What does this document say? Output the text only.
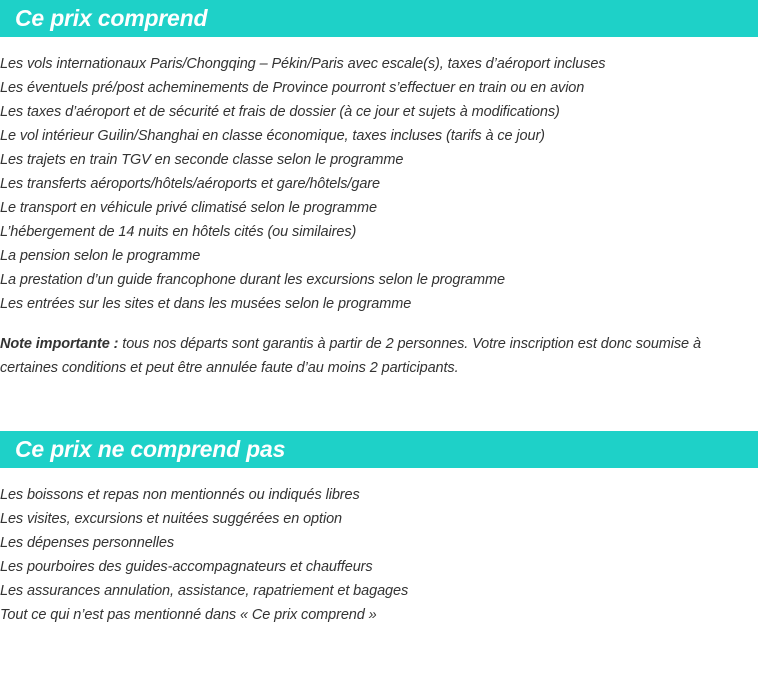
Ce prix comprend
Les vols internationaux Paris/Chongqing – Pékin/Paris avec escale(s), taxes d’aéroport incluses
Les éventuels pré/post acheminements de Province pourront s’effectuer en train ou en avion
Les taxes d’aéroport et de sécurité et frais de dossier (à ce jour et sujets à modifications)
Le vol intérieur Guilin/Shanghai en classe économique, taxes incluses (tarifs à ce jour)
Les trajets en train TGV en seconde classe selon le programme
Les transferts aéroports/hôtels/aéroports et gare/hôtels/gare
Le transport en véhicule privé climatisé selon le programme
L’hébergement de 14 nuits en hôtels cités (ou similaires)
La pension selon le programme
La prestation d’un guide francophone durant les excursions selon le programme
Les entrées sur les sites et dans les musées selon le programme

Note importante : tous nos départs sont garantis à partir de 2 personnes. Votre inscription est donc soumise à certaines conditions et peut être annulée faute d’au moins 2 participants.

Ce prix ne comprend pas
Les boissons et repas non mentionnés ou indiqués libres
Les visites, excursions et nuitées suggérées en option
Les dépenses personnelles
Les pourboires des guides-accompagnateurs et chauffeurs
Les assurances annulation, assistance, rapatriement et bagages
Tout ce qui n’est pas mentionné dans « Ce prix comprend »
